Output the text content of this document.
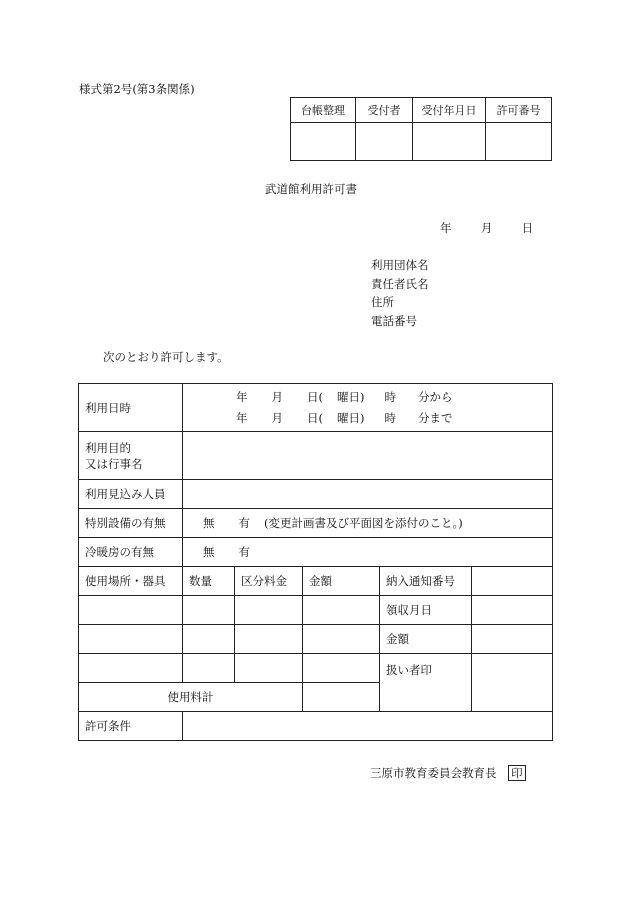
様式第2号(第3条関係)
台帳整理	受付者	受付年月日	許可番号

武道館利用許可書
年	月	日
利用団体名
責任者氏名
住所
電話番号
次のとおり許可します。
利用日時	年 月 日( 曜日) 時 分から
年 月 日( 曜日) 時 分まで				

利用目的
又は行事名					

利用見込み人員					
特別設備の有無	無 有 (変更計画書及び平面図を添付のこと。)				
冷暖房の有無	無 有				
使用場所・器具	数量	区分料金	金額	納入通知番号	
				領収月日	
				金額	
				扱い者印	
使用料計					
許可条件					
三原市教育委員会教育長 印
